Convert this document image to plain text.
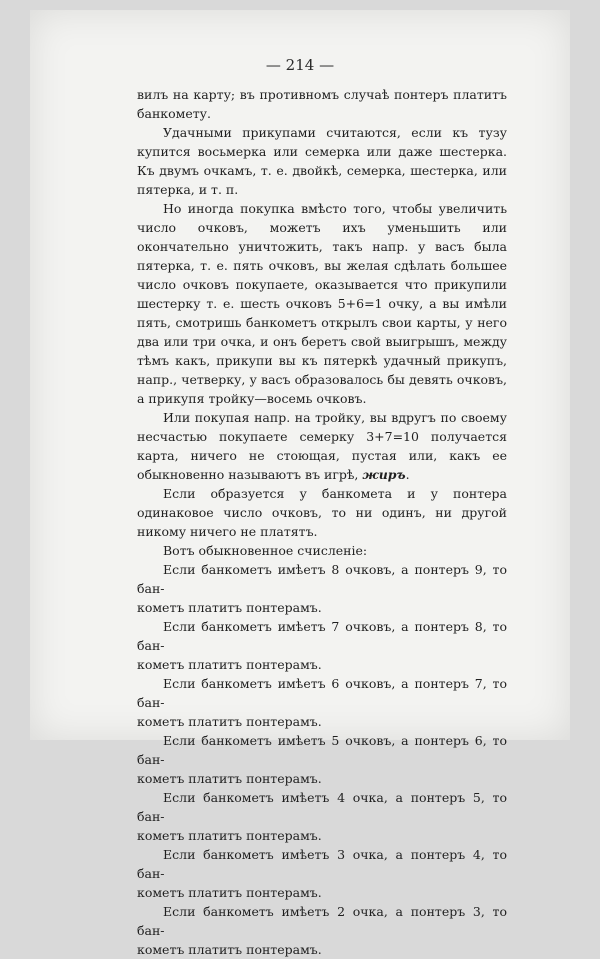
— 214 —

вилъ на карту; въ противномъ случаѣ понтеръ платитъ банкомету.

Удачными прикупами считаются, если къ тузу купится восьмерка или семерка или даже шестерка. Къ двумъ очкамъ, т. е. двойкѣ, семерка, шестерка, или пятерка, и т. п.

Но иногда покупка вмѣсто того, чтобы увеличить число очковъ, можетъ ихъ уменьшить или окончательно уничтожить, такъ напр. у васъ была пятерка, т. е. пять очковъ, вы желая сдѣлать большее число очковъ покупаете, оказывается что прикупили шестерку т. е. шесть очковъ 5+6=1 очку, а вы имѣли пять, смотришь банкометъ открылъ свои карты, у него два или три очка, и онъ беретъ свой выигрышъ, между тѣмъ какъ, прикупи вы къ пятеркѣ удачный прикупъ, напр., четверку, у васъ образовалось бы девять очковъ, а прикупя тройку—восемь очковъ.

Или покупая напр. на тройку, вы вдругъ по своему несчастью покупаете семерку 3+7=10 получается карта, ничего не стоющая, пустая или, какъ ее обыкновенно называютъ въ игрѣ, жиръ.

Если образуется у банкомета и у понтера одинаковое число очковъ, то ни одинъ, ни другой никому ничего не платятъ.

Вотъ обыкновенное счисленіе:

Если банкометъ имѣетъ 8 очковъ, а понтеръ 9, то бан-
кометъ платитъ понтерамъ.

Если банкометъ имѣетъ 7 очковъ, а понтеръ 8, то бан-
кометъ платитъ понтерамъ.

Если банкометъ имѣетъ 6 очковъ, а понтеръ 7, то бан-
кометъ платитъ понтерамъ.

Если банкометъ имѣетъ 5 очковъ, а понтеръ 6, то бан-
кометъ платитъ понтерамъ.

Если банкометъ имѣетъ 4 очка, а понтеръ 5, то бан-
кометъ платитъ понтерамъ.

Если банкометъ имѣетъ 3 очка, а понтеръ 4, то бан-
кометъ платитъ понтерамъ.

Если банкометъ имѣетъ 2 очка, а понтеръ 3, то бан-
кометъ платитъ понтерамъ.
